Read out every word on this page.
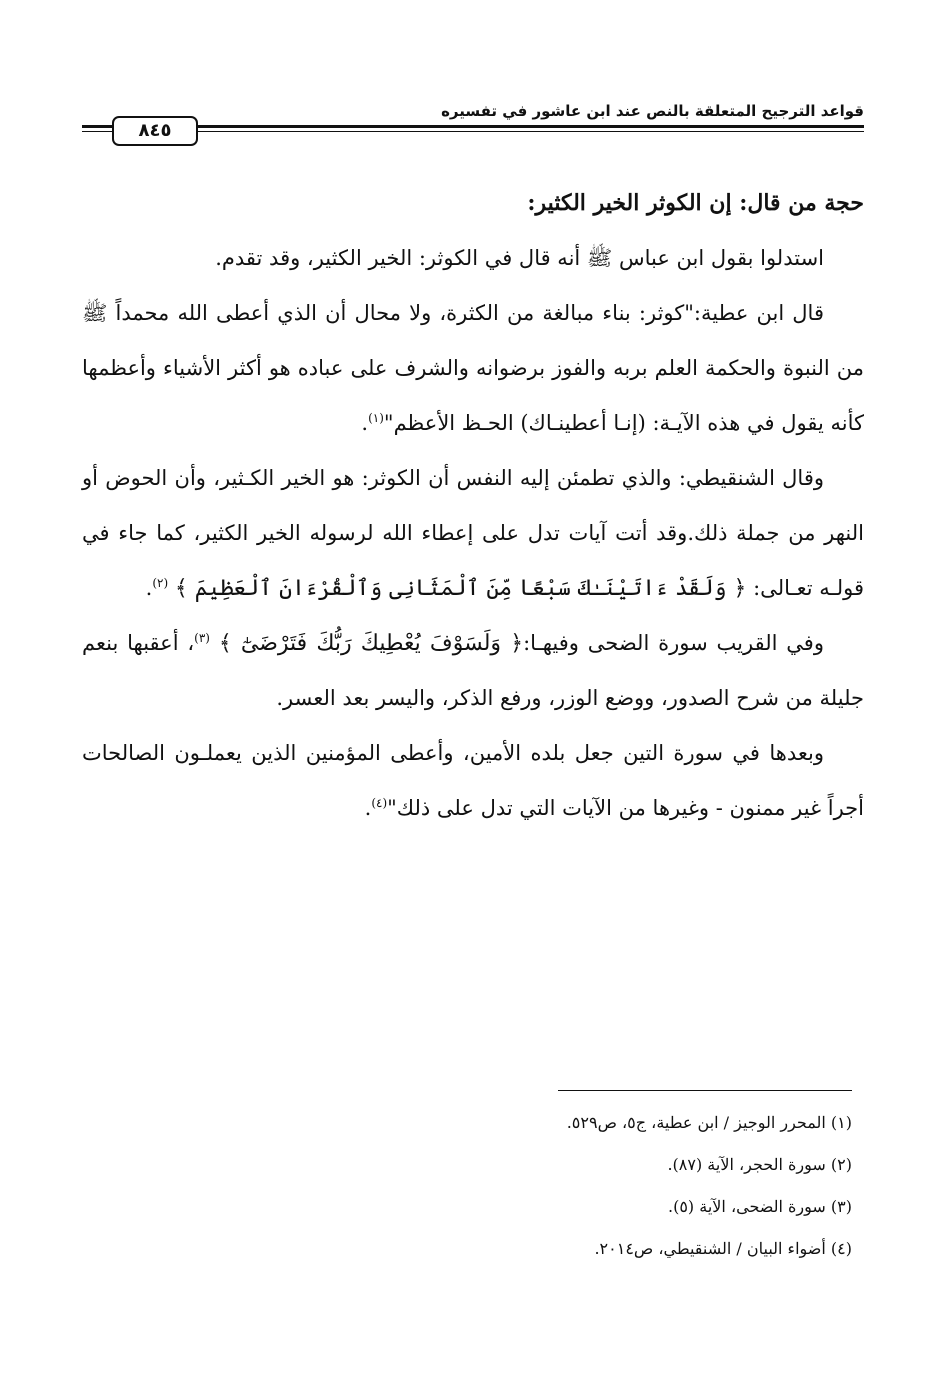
قواعد الترجيح المتعلقة بالنص عند ابن عاشور في تفسيره
٨٤٥

حجة من قال: إن الكوثر الخير الكثير:

استدلوا بقول ابن عباس ﷺ أنه قال في الكوثر: الخير الكثير، وقد تقدم.

قال ابن عطية:"كوثر: بناء مبالغة من الكثرة، ولا محال أن الذي أعطى الله محمداً ﷺ من النبوة والحكمة العلم بربه والفوز برضوانه والشرف على عباده هو أكثر الأشياء وأعظمها كأنه يقول في هذه الآيـة: (إنـا أعطينـاك) الحـظ الأعظم"$^{(١)}$.

وقال الشنقيطي: والذي تطمئن إليه النفس أن الكوثر: هو الخير الكـثير، وأن الحوض أو النهر من جملة ذلك.وقد أتت آيات تدل على إعطاء الله لرسوله الخير الكثير، كما جاء في قولـه تعـالى: ﴿ وَلَقَدْ ءَاتَيْنَـٰكَ سَبْعًا مِّنَ ٱلْمَثَانِى وَٱلْقُرْءَانَ ٱلْعَظِيمَ ﴾ $^{(٢)}$.

وفي القريب سورة الضحى وفيهـا:﴿ وَلَسَوْفَ يُعْطِيكَ رَبُّكَ فَتَرْضَىٰٓ ﴾ $^{(٣)}$، أعقبها بنعم جليلة من شرح الصدور، ووضع الوزر، ورفع الذكر، واليسر بعد العسر.

وبعدها في سورة التين جعل بلده الأمين، وأعطى المؤمنين الذين يعملـون الصالحات أجراً غير ممنون - وغيرها من الآيات التي تدل على ذلك"$^{(٤)}$.

(١) المحرر الوجيز / ابن عطية، ج٥، ص٥٢٩.
(٢) سورة الحجر، الآية (٨٧).
(٣) سورة الضحى، الآية (٥).
(٤) أضواء البيان / الشنقيطي، ص٢٠١٤.
